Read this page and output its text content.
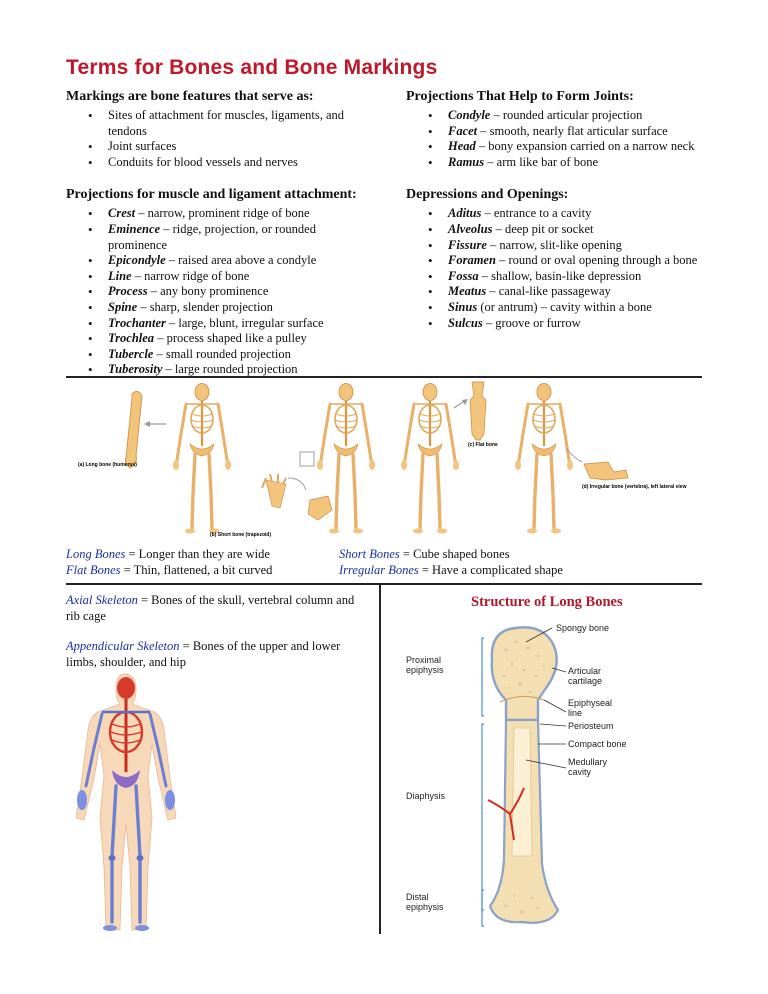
Terms for Bones and Bone Markings
Markings are bone features that serve as:
• Sites of attachment for muscles, ligaments, and tendons
• Joint surfaces
• Conduits for blood vessels and nerves
Projections for muscle and ligament attachment:
• Crest – narrow, prominent ridge of bone
• Eminence – ridge, projection, or rounded prominence
• Epicondyle – raised area above a condyle
• Line – narrow ridge of bone
• Process – any bony prominence
• Spine – sharp, slender projection
• Trochanter – large, blunt, irregular surface
• Trochlea – process shaped like a pulley
• Tubercle – small rounded projection
• Tuberosity – large rounded projection
Projections That Help to Form Joints:
• Condyle – rounded articular projection
• Facet – smooth, nearly flat articular surface
• Head – bony expansion carried on a narrow neck
• Ramus – arm like bar of bone
Depressions and Openings:
• Aditus – entrance to a cavity
• Alveolus – deep pit or socket
• Fissure – narrow, slit-like opening
• Foramen – round or oval opening through a bone
• Fossa – shallow, basin-like depression
• Meatus – canal-like passageway
• Sinus (or antrum) – cavity within a bone
• Sulcus – groove or furrow
(a) Long bone (humerus)
(b) Short bone (trapezoid)
(c) Flat bone
(d) Irregular bone (vertebra), left lateral view
Long Bones = Longer than they are wide
Flat Bones = Thin, flattened, a bit curved
Short Bones = Cube shaped bones
Irregular Bones = Have a complicated shape
Axial Skeleton = Bones of the skull, vertebral column and rib cage
Appendicular Skeleton = Bones of the upper and lower limbs, shoulder, and hip
Structure of Long Bones
Spongy bone
Proximal epiphysis	Articular cartilage
Epiphyseal line
Periosteum
Compact bone
Medullary cavity
Diaphysis
Distal epiphysis
